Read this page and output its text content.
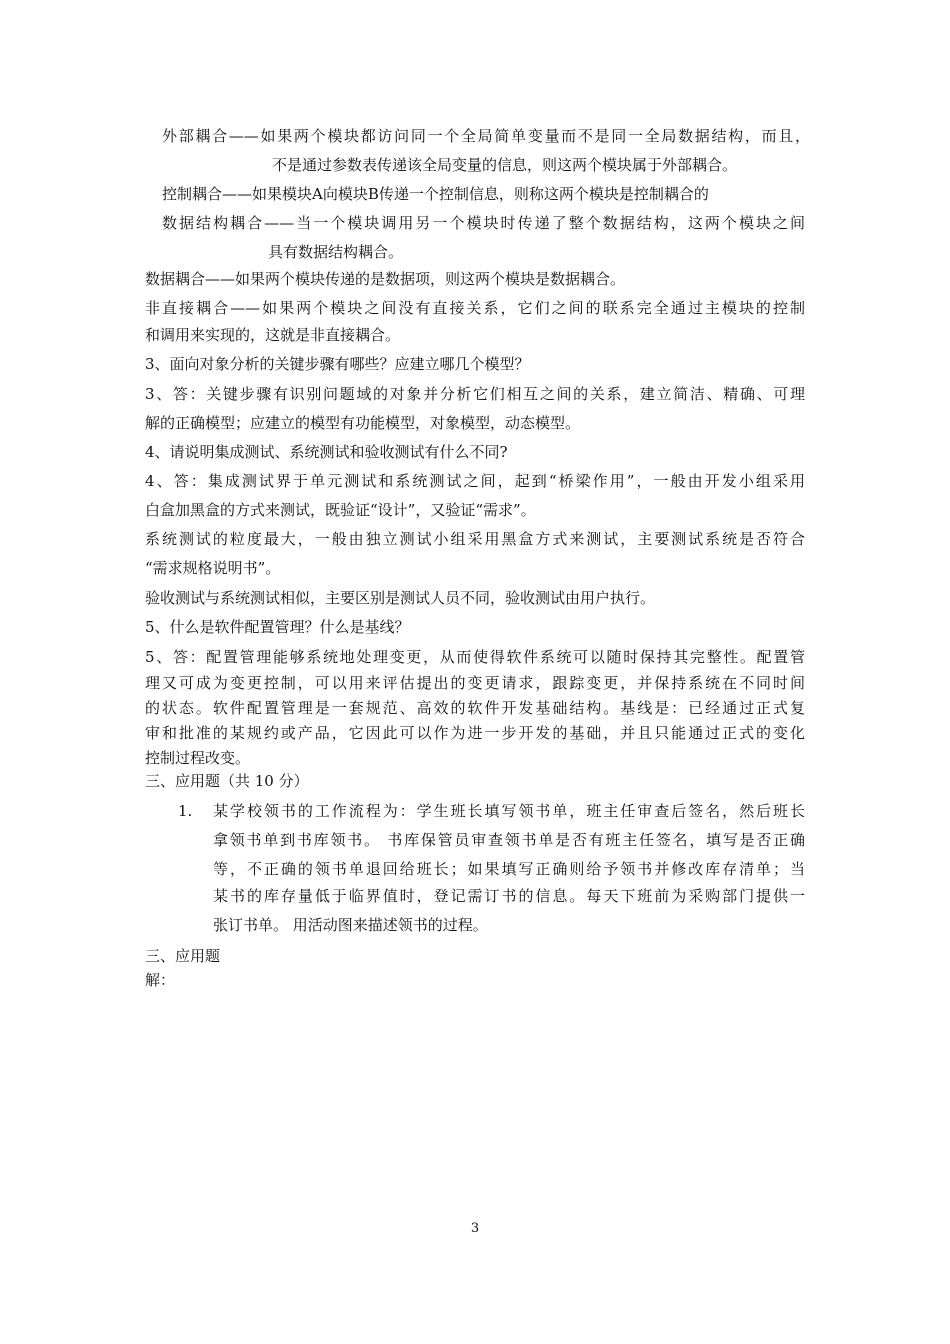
外部耦合——如果两个模块都访问同一个全局简单变量而不是同一全局数据结构，而且，
不是通过参数表传递该全局变量的信息，则这两个模块属于外部耦合。
控制耦合——如果模块A向模块B传递一个控制信息，则称这两个模块是控制耦合的
数据结构耦合——当一个模块调用另一个模块时传递了整个数据结构，这两个模块之间
具有数据结构耦合。
数据耦合——如果两个模块传递的是数据项，则这两个模块是数据耦合。
非直接耦合——如果两个模块之间没有直接关系，它们之间的联系完全通过主模块的控制
和调用来实现的，这就是非直接耦合。
3、面向对象分析的关键步骤有哪些？应建立哪几个模型？
3、答：关键步骤有识别问题域的对象并分析它们相互之间的关系，建立简洁、精确、可理
解的正确模型；应建立的模型有功能模型，对象模型，动态模型。
4、请说明集成测试、系统测试和验收测试有什么不同?
4、答：集成测试界于单元测试和系统测试之间，起到“桥梁作用”，一般由开发小组采用
白盒加黑盒的方式来测试，既验证“设计”，又验证“需求”。
系统测试的粒度最大，一般由独立测试小组采用黑盒方式来测试，主要测试系统是否符合
“需求规格说明书”。
验收测试与系统测试相似，主要区别是测试人员不同，验收测试由用户执行。
5、什么是软件配置管理？什么是基线？
5、答：配置管理能够系统地处理变更，从而使得软件系统可以随时保持其完整性。配置管
理又可成为变更控制，可以用来评估提出的变更请求，跟踪变更，并保持系统在不同时间
的状态。软件配置管理是一套规范、高效的软件开发基础结构。基线是：已经通过正式复
审和批准的某规约或产品，它因此可以作为进一步开发的基础，并且只能通过正式的变化
控制过程改变。
三、应用题（共 10 分）
1. 某学校领书的工作流程为：学生班长填写领书单，班主任审查后签名，然后班长
拿领书单到书库领书。 书库保管员审查领书单是否有班主任签名，填写是否正确
等，不正确的领书单退回给班长；如果填写正确则给予领书并修改库存清单；当
某书的库存量低于临界值时，登记需订书的信息。每天下班前为采购部门提供一
张订书单。 用活动图来描述领书的过程。
三、应用题
解：
3
